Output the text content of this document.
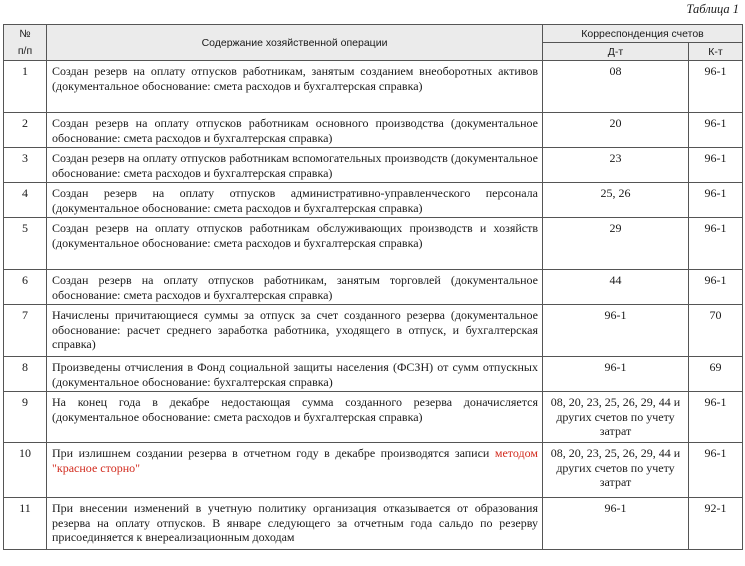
Таблица 1
№
п/п	Содержание хозяйственной операции	Корреспонденция счетов	
		Д-т	К-т
1	Создан резерв на оплату отпусков работникам, занятым созданием внеоборотных активов (документальное обоснование: смета расходов и бухгалтерская справка)	08	96-1
2	Создан резерв на оплату отпусков работникам основного производства (документальное обоснование: смета расходов и бухгалтерская справка)	20	96-1
3	Создан резерв на оплату отпусков работникам вспомогательных производств (документальное обоснование: смета расходов и бухгалтерская справка)	23	96-1
4	Создан резерв на оплату отпусков административно-управленческого персонала (документальное обоснование: смета расходов и бухгалтерская справка)	25, 26	96-1
5	Создан резерв на оплату отпусков работникам обслуживающих производств и хозяйств (документальное обоснование: смета расходов и бухгалтерская справка)	29	96-1
6	Создан резерв на оплату отпусков работникам, занятым торговлей (документальное обоснование: смета расходов и бухгалтерская справка)	44	96-1
7	Начислены причитающиеся суммы за отпуск за счет созданного резерва (документальное обоснование: расчет среднего заработка работника, уходящего в отпуск, и бухгалтерская справка)	96-1	70
8	Произведены отчисления в Фонд социальной защиты населения (ФСЗН) от сумм отпускных (документальное обоснование: бухгалтерская справка)	96-1	69
9	На конец года в декабре недостающая сумма созданного резерва доначисляется (документальное обоснование: смета расходов и бухгалтерская справка)	08, 20, 23, 25, 26, 29, 44 и других счетов по учету затрат	96-1
10	При излишнем создании резерва в отчетном году в декабре производятся записи методом "красное сторно"	08, 20, 23, 25, 26, 29, 44 и других счетов по учету затрат	96-1
11	При внесении изменений в учетную политику организация отказывается от образования резерва на оплату отпусков. В январе следующего за отчетным года сальдо по резерву присоединяется к внереализационным доходам	96-1	92-1
